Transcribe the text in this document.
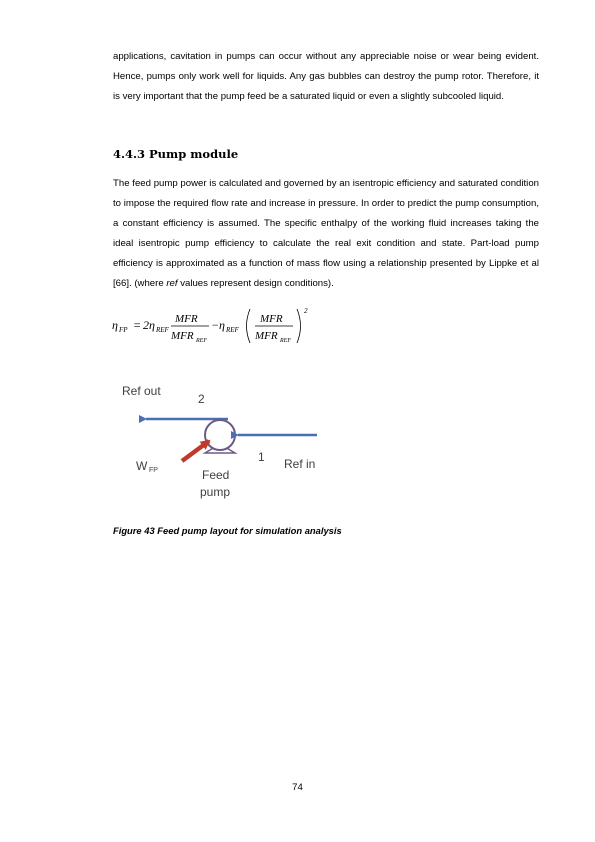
applications, cavitation in pumps can occur without any appreciable noise or wear being evident. Hence, pumps only work well for liquids. Any gas bubbles can destroy the pump rotor. Therefore, it is very important that the pump feed be a saturated liquid or even a slightly subcooled liquid.

4.4.3 Pump module

The feed pump power is calculated and governed by an isentropic efficiency and saturated condition to impose the required flow rate and increase in pressure. In order to predict the pump consumption, a constant efficiency is assumed. The specific enthalpy of the working fluid increases taking the ideal isentropic pump efficiency to calculate the real exit condition and state. Part-load pump efficiency is approximated as a function of mass flow using a relationship presented by Lippke et al [66]. (where ref values represent design conditions).

η FP = 2η REF
MFR
MFR REF
− η REF
MFR
MFR REF
2
Ref out
2
1 Ref in
W FP	Feed
pump

Figure 43 Feed pump layout for simulation analysis

74
